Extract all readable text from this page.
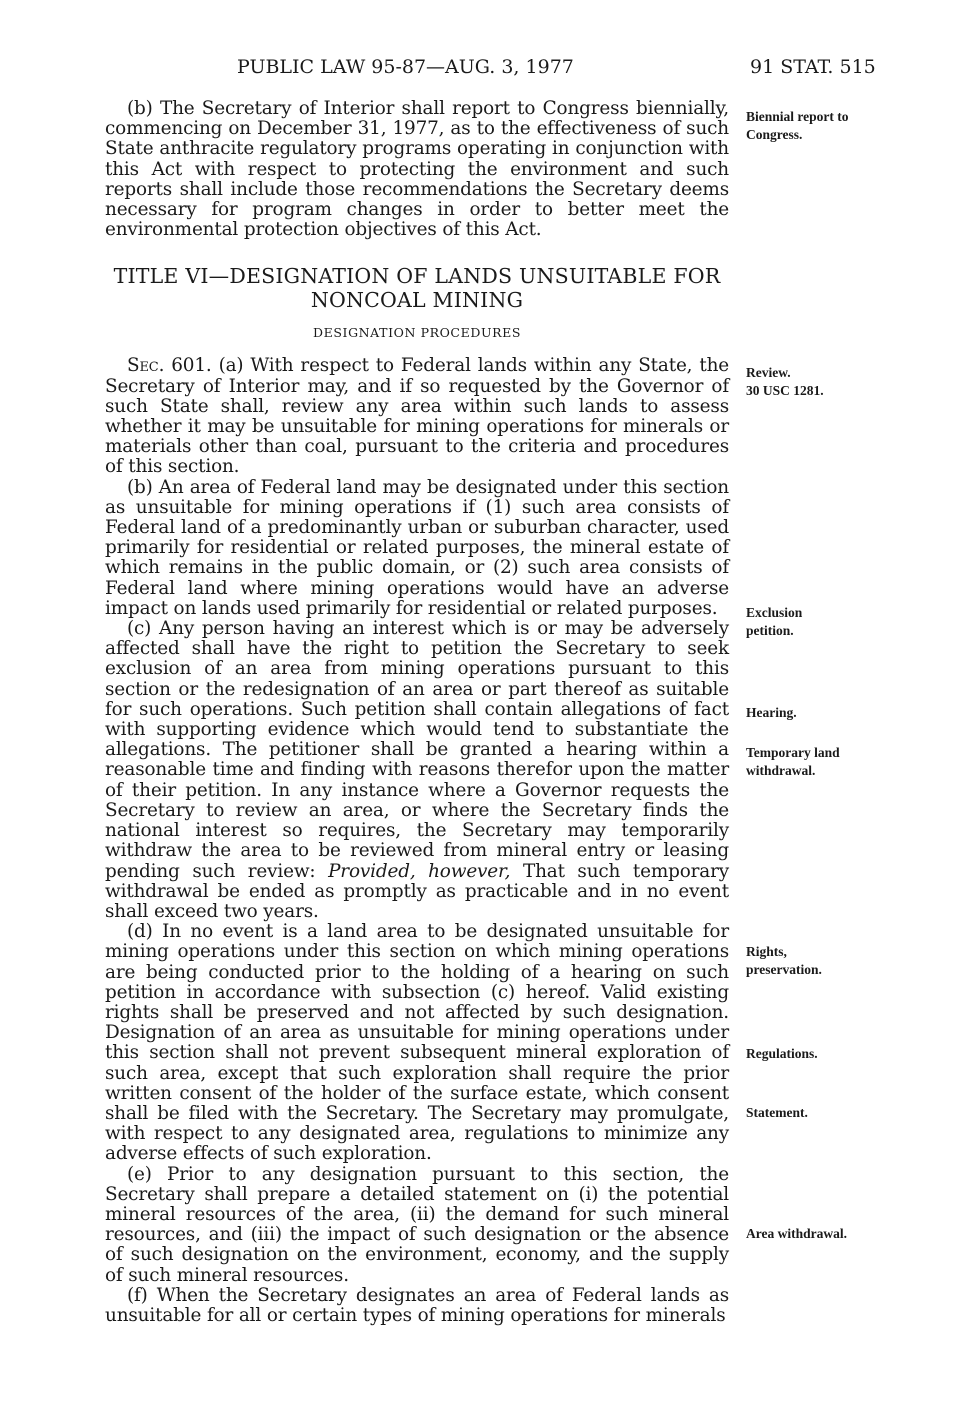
PUBLIC LAW 95-87—AUG. 3, 1977	91 STAT. 515

(b) The Secretary of Interior shall report to Congress biennially, commencing on December 31, 1977, as to the effectiveness of such State anthracite regulatory programs operating in conjunction with this Act with respect to protecting the environment and such reports shall include those recommendations the Secretary deems necessary for program changes in order to better meet the environmental protection objectives of this Act.

TITLE VI—DESIGNATION OF LANDS UNSUITABLE FOR
NONCOAL MINING
DESIGNATION PROCEDURES

Sec. 601. (a) With respect to Federal lands within any State, the Secretary of Interior may, and if so requested by the Governor of such State shall, review any area within such lands to assess whether it may be unsuitable for mining operations for minerals or materials other than coal, pursuant to the criteria and procedures of this section.

(b) An area of Federal land may be designated under this section as unsuitable for mining operations if (1) such area consists of Federal land of a predominantly urban or suburban character, used primarily for residential or related purposes, the mineral estate of which remains in the public domain, or (2) such area consists of Federal land where mining operations would have an adverse impact on lands used primarily for residential or related purposes.

(c) Any person having an interest which is or may be adversely affected shall have the right to petition the Secretary to seek exclusion of an area from mining operations pursuant to this section or the redesignation of an area or part thereof as suitable for such operations. Such petition shall contain allegations of fact with supporting evidence which would tend to substantiate the allegations. The petitioner shall be granted a hearing within a reasonable time and finding with reasons therefor upon the matter of their petition. In any instance where a Governor requests the Secretary to review an area, or where the Secretary finds the national interest so requires, the Secretary may temporarily withdraw the area to be reviewed from mineral entry or leasing pending such review: Provided, however, That such temporary withdrawal be ended as promptly as practicable and in no event shall exceed two years.

(d) In no event is a land area to be designated unsuitable for mining operations under this section on which mining operations are being conducted prior to the holding of a hearing on such petition in accordance with subsection (c) hereof. Valid existing rights shall be preserved and not affected by such designation. Designation of an area as unsuitable for mining operations under this section shall not prevent subsequent mineral exploration of such area, except that such exploration shall require the prior written consent of the holder of the surface estate, which consent shall be filed with the Secretary. The Secretary may promulgate, with respect to any designated area, regulations to minimize any adverse effects of such exploration.

(e) Prior to any designation pursuant to this section, the Secretary shall prepare a detailed statement on (i) the potential mineral resources of the area, (ii) the demand for such mineral resources, and (iii) the impact of such designation or the absence of such designation on the environment, economy, and the supply of such mineral resources.

(f) When the Secretary designates an area of Federal lands as unsuitable for all or certain types of mining operations for minerals

Biennial report to
Congress.
Review.
30 USC 1281.
Exclusion
petition.
Hearing.
Temporary land
withdrawal.
Rights,
preservation.
Regulations.
Statement.
Area withdrawal.
